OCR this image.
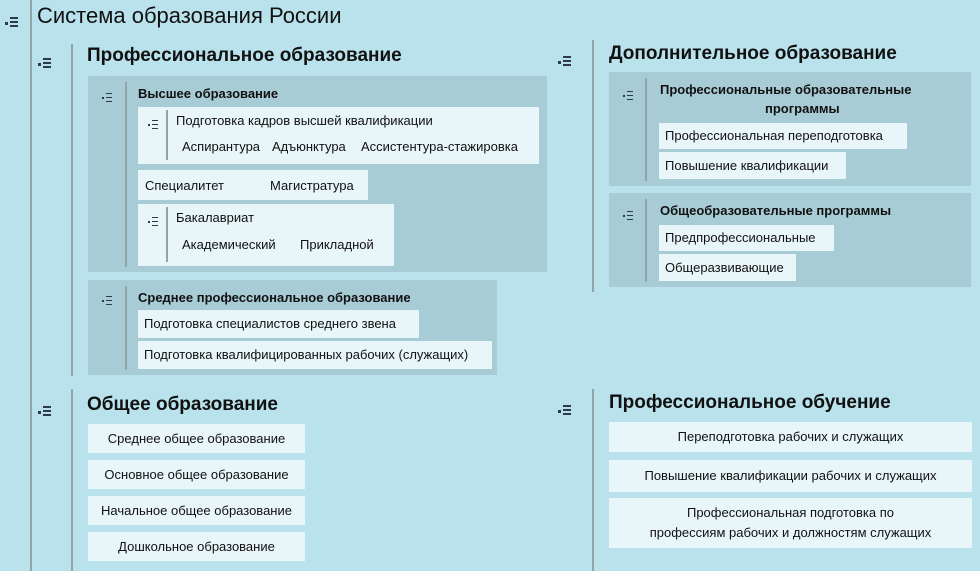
Система образования России
Профессиональное образование
Высшее образование
Подготовка кадров высшей квалификации
Аспирантура Адъюнктура Ассистентура-стажировка
Специалитет	Магистратура
Бакалавриат
Академический Прикладной
Среднее профессиональное образование
Подготовка специалистов среднего звена
Подготовка квалифицированных рабочих (служащих)
Дополнительное образование
Профессиональные образовательные
программы
Профессиональная переподготовка
Повышение квалификации
Общеобразовательные программы
Предпрофессиональные
Общеразвивающие
Общее образование
Среднее общее образование
Основное общее образование
Начальное общее образование
Дошкольное образование
Профессиональное обучение
Переподготовка рабочих и служащих
Повышение квалификации рабочих и служащих
Профессиональная подготовка по
профессиям рабочих и должностям служащих
